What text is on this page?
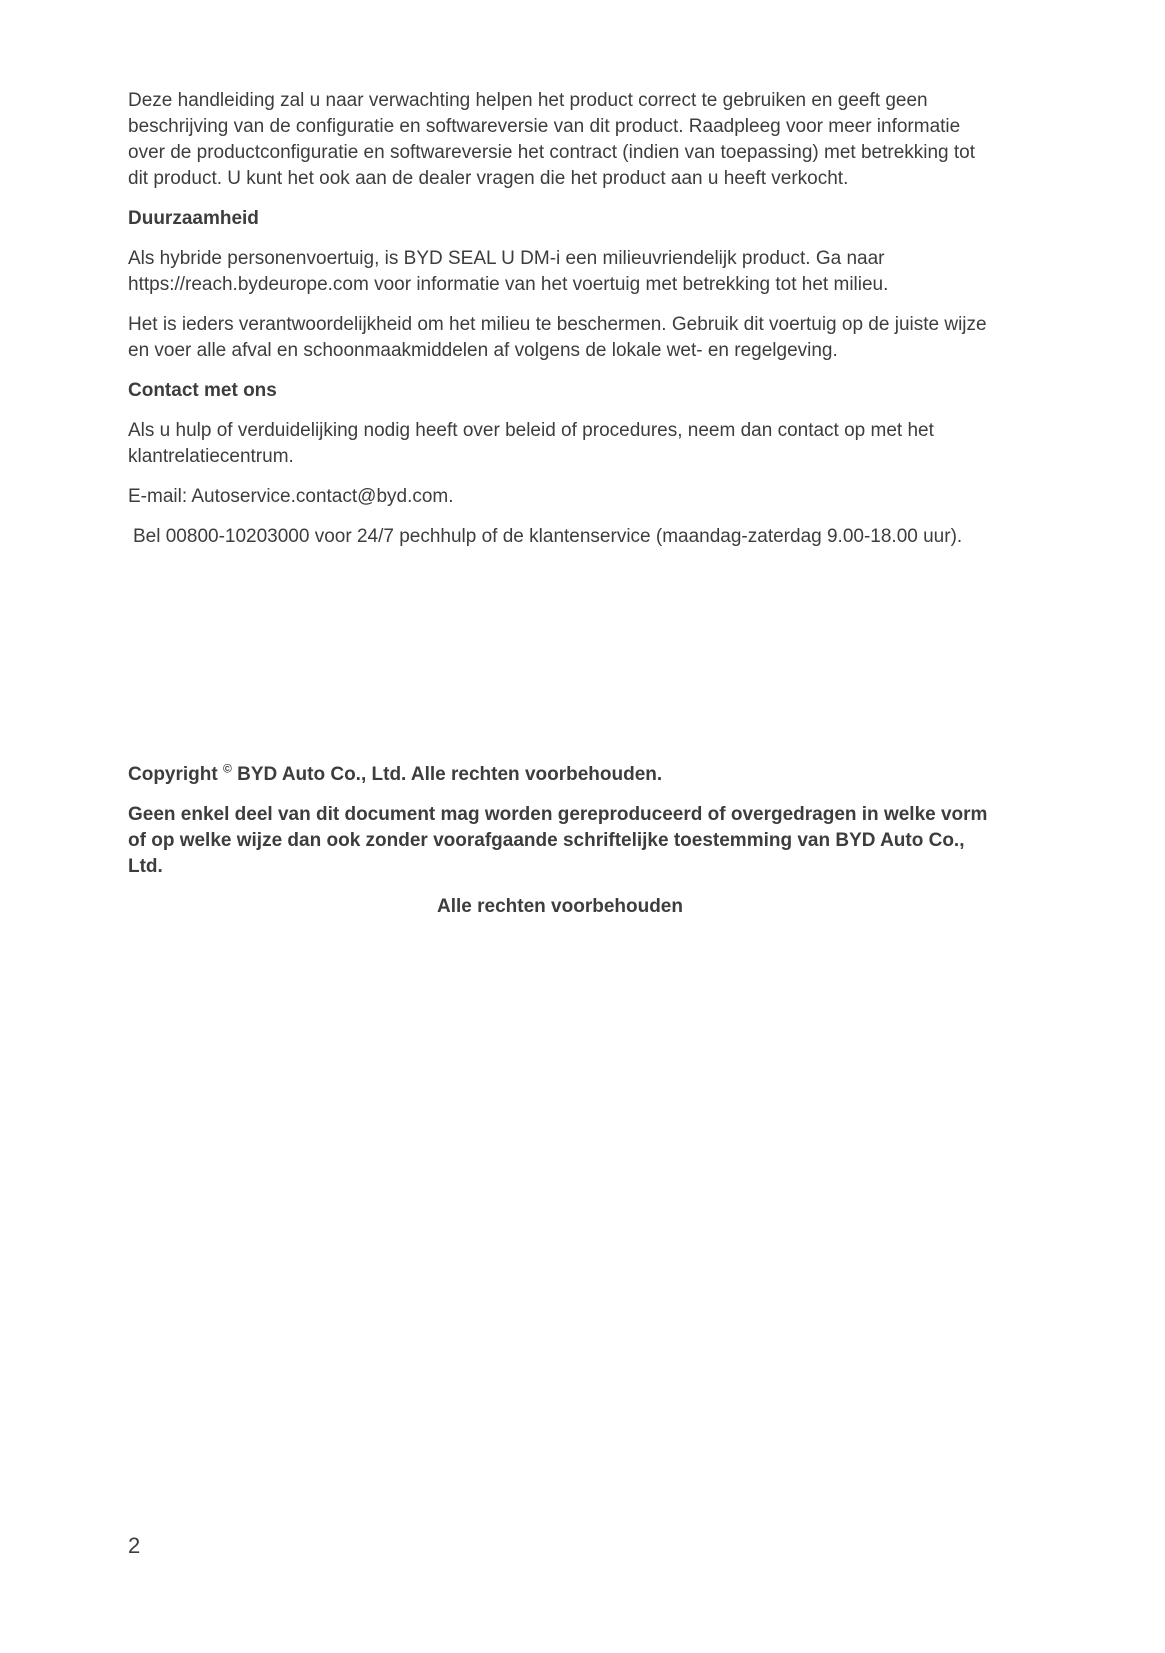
Deze handleiding zal u naar verwachting helpen het product correct te gebruiken en geeft geen beschrijving van de configuratie en softwareversie van dit product. Raadpleeg voor meer informatie over de productconfiguratie en softwareversie het contract (indien van toepassing) met betrekking tot dit product. U kunt het ook aan de dealer vragen die het product aan u heeft verkocht.

Duurzaamheid

Als hybride personenvoertuig, is BYD SEAL U DM-i een milieuvriendelijk product. Ga naar https://reach.bydeurope.com voor informatie van het voertuig met betrekking tot het milieu.

Het is ieders verantwoordelijkheid om het milieu te beschermen. Gebruik dit voertuig op de juiste wijze en voer alle afval en schoonmaakmiddelen af volgens de lokale wet- en regelgeving.

Contact met ons

Als u hulp of verduidelijking nodig heeft over beleid of procedures, neem dan contact op met het klantrelatiecentrum.

E-mail: Autoservice.contact@byd.com.

Bel 00800-10203000 voor 24/7 pechhulp of de klantenservice (maandag-zaterdag 9.00-18.00 uur).

Copyright © BYD Auto Co., Ltd. Alle rechten voorbehouden.

Geen enkel deel van dit document mag worden gereproduceerd of overgedragen in welke vorm of op welke wijze dan ook zonder voorafgaande schriftelijke toestemming van BYD Auto Co., Ltd.

Alle rechten voorbehouden

2
